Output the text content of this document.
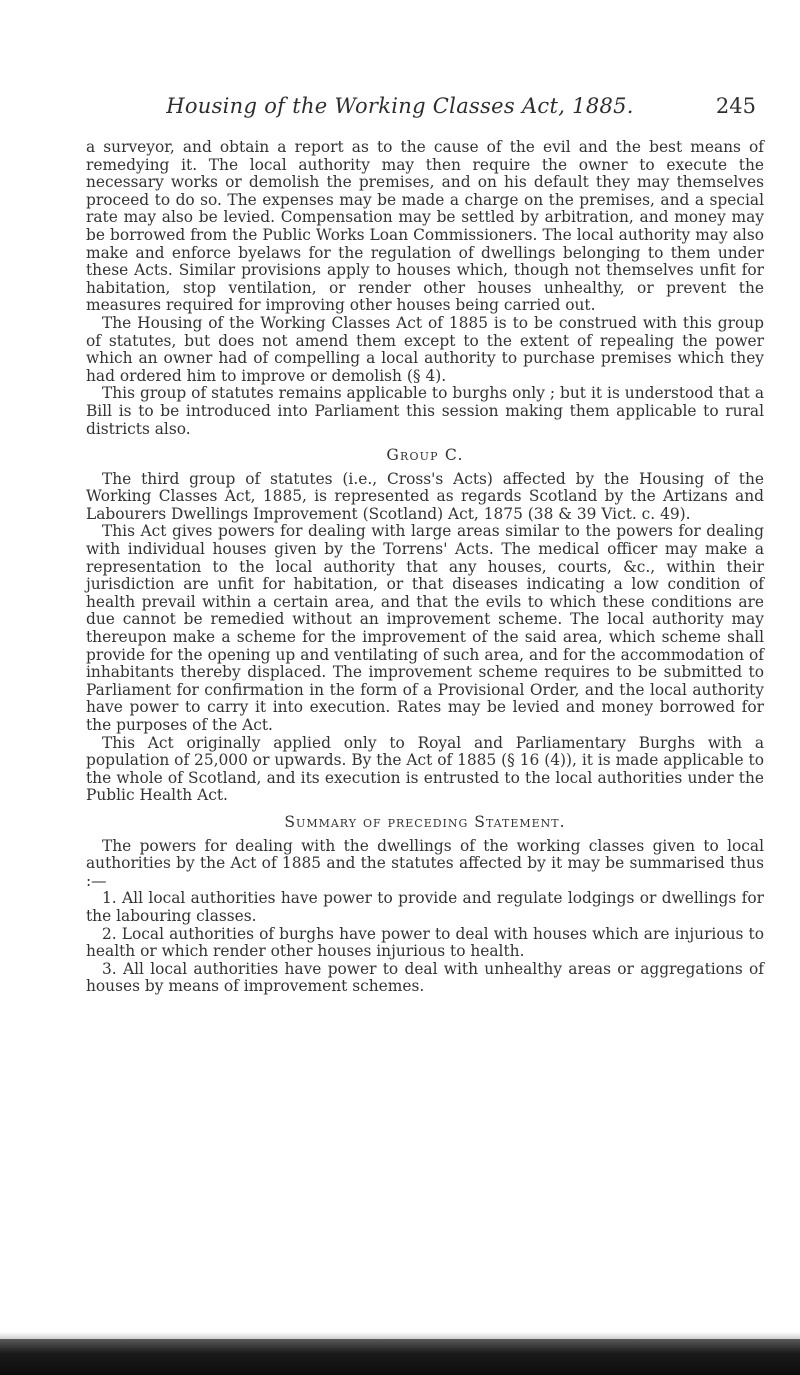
Housing of the Working Classes Act, 1885.	245

a surveyor, and obtain a report as to the cause of the evil and the best means of remedying it. The local authority may then require the owner to execute the necessary works or demolish the premises, and on his default they may themselves proceed to do so. The expenses may be made a charge on the premises, and a special rate may also be levied. Compensation may be settled by arbitration, and money may be borrowed from the Public Works Loan Commissioners. The local authority may also make and enforce byelaws for the regulation of dwellings belonging to them under these Acts. Similar provisions apply to houses which, though not themselves unfit for habitation, stop ventilation, or render other houses unhealthy, or prevent the measures required for improving other houses being carried out.

The Housing of the Working Classes Act of 1885 is to be construed with this group of statutes, but does not amend them except to the extent of repealing the power which an owner had of compelling a local authority to purchase premises which they had ordered him to improve or demolish (§ 4).

This group of statutes remains applicable to burghs only ; but it is understood that a Bill is to be introduced into Parliament this session making them applicable to rural districts also.

Group C.

The third group of statutes (i.e., Cross's Acts) affected by the Housing of the Working Classes Act, 1885, is represented as regards Scotland by the Artizans and Labourers Dwellings Improvement (Scotland) Act, 1875 (38 & 39 Vict. c. 49).

This Act gives powers for dealing with large areas similar to the powers for dealing with individual houses given by the Torrens' Acts. The medical officer may make a representation to the local authority that any houses, courts, &c., within their jurisdiction are unfit for habitation, or that diseases indicating a low condition of health prevail within a certain area, and that the evils to which these conditions are due cannot be remedied without an improvement scheme. The local authority may thereupon make a scheme for the improvement of the said area, which scheme shall provide for the opening up and ventilating of such area, and for the accommodation of inhabitants thereby displaced. The improvement scheme requires to be submitted to Parliament for confirmation in the form of a Provisional Order, and the local authority have power to carry it into execution. Rates may be levied and money borrowed for the purposes of the Act.

This Act originally applied only to Royal and Parliamentary Burghs with a population of 25,000 or upwards. By the Act of 1885 (§ 16 (4)), it is made applicable to the whole of Scotland, and its execution is entrusted to the local authorities under the Public Health Act.

Summary of preceding Statement.

The powers for dealing with the dwellings of the working classes given to local authorities by the Act of 1885 and the statutes affected by it may be summarised thus :—

1. All local authorities have power to provide and regulate lodgings or dwellings for the labouring classes.

2. Local authorities of burghs have power to deal with houses which are injurious to health or which render other houses injurious to health.

3. All local authorities have power to deal with unhealthy areas or aggregations of houses by means of improvement schemes.
